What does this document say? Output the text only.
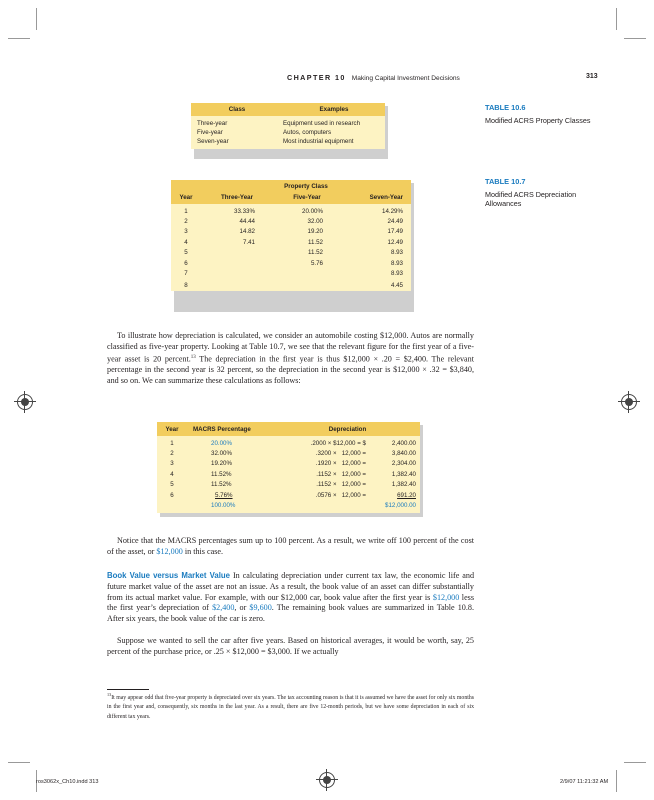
CHAPTER 10 Making Capital Investment Decisions	313
TABLE 10.6
Modified ACRS Property Classes
TABLE 10.7
Modified ACRS Depreciation Allowances
Class	Examples
Three-year	Equipment used in research
Five-year	Autos, computers
Seven-year	Most industrial equipment
	Property Class		
Year	Three-Year	Five-Year	Seven-Year
1	33.33%	20.00%	14.29%
2	44.44	32.00	24.49
3	14.82	19.20	17.49
4	7.41	11.52	12.49
5		11.52	8.93
6		5.76	8.93
7			8.93
8			4.45
To illustrate how depreciation is calculated, we consider an automobile costing $12,000. Autos are normally classified as five-year property. Looking at Table 10.7, we see that the relevant figure for the first year of a five-year asset is 20 percent.$^{13}$ The depreciation in the first year is thus $12,000 × .20 = $2,400. The relevant percentage in the second year is 32 percent, so the depreciation in the second year is $12,000 × .32 = $3,840, and so on. We can summarize these calculations as follows:
Year	MACRS Percentage	Depreciation	
1	20.00%	.2000 × $12,000 = $	2,400.00
2	32.00%	.3200 ×   12,000 =	3,840.00
3	19.20%	.1920 ×   12,000 =	2,304.00
4	11.52%	.1152 ×   12,000 =	1,382.40
5	11.52%	.1152 ×   12,000 =	1,382.40
6	5.76%	.0576 ×   12,000 =	691.20
	100.00%		$12,000.00
Notice that the MACRS percentages sum up to 100 percent. As a result, we write off 100 percent of the cost of the asset, or $12,000 in this case.
Book Value versus Market Value In calculating depreciation under current tax law, the economic life and future market value of the asset are not an issue. As a result, the book value of an asset can differ substantially from its actual market value. For example, with our $12,000 car, book value after the first year is $12,000 less the first year’s depreciation of $2,400, or $9,600. The remaining book values are summarized in Table 10.8. After six years, the book value of the car is zero.
Suppose we wanted to sell the car after five years. Based on historical averages, it would be worth, say, 25 percent of the purchase price, or .25 × $12,000 = $3,000. If we actually
$^{13}$It may appear odd that five-year property is depreciated over six years. The tax accounting reason is that it is assumed we have the asset for only six months in the first year and, consequently, six months in the last year. As a result, there are five 12-month periods, but we have some depreciation in each of six different tax years.
ros3062x_Ch10.indd 313	2/9/07 11:21:32 AM
